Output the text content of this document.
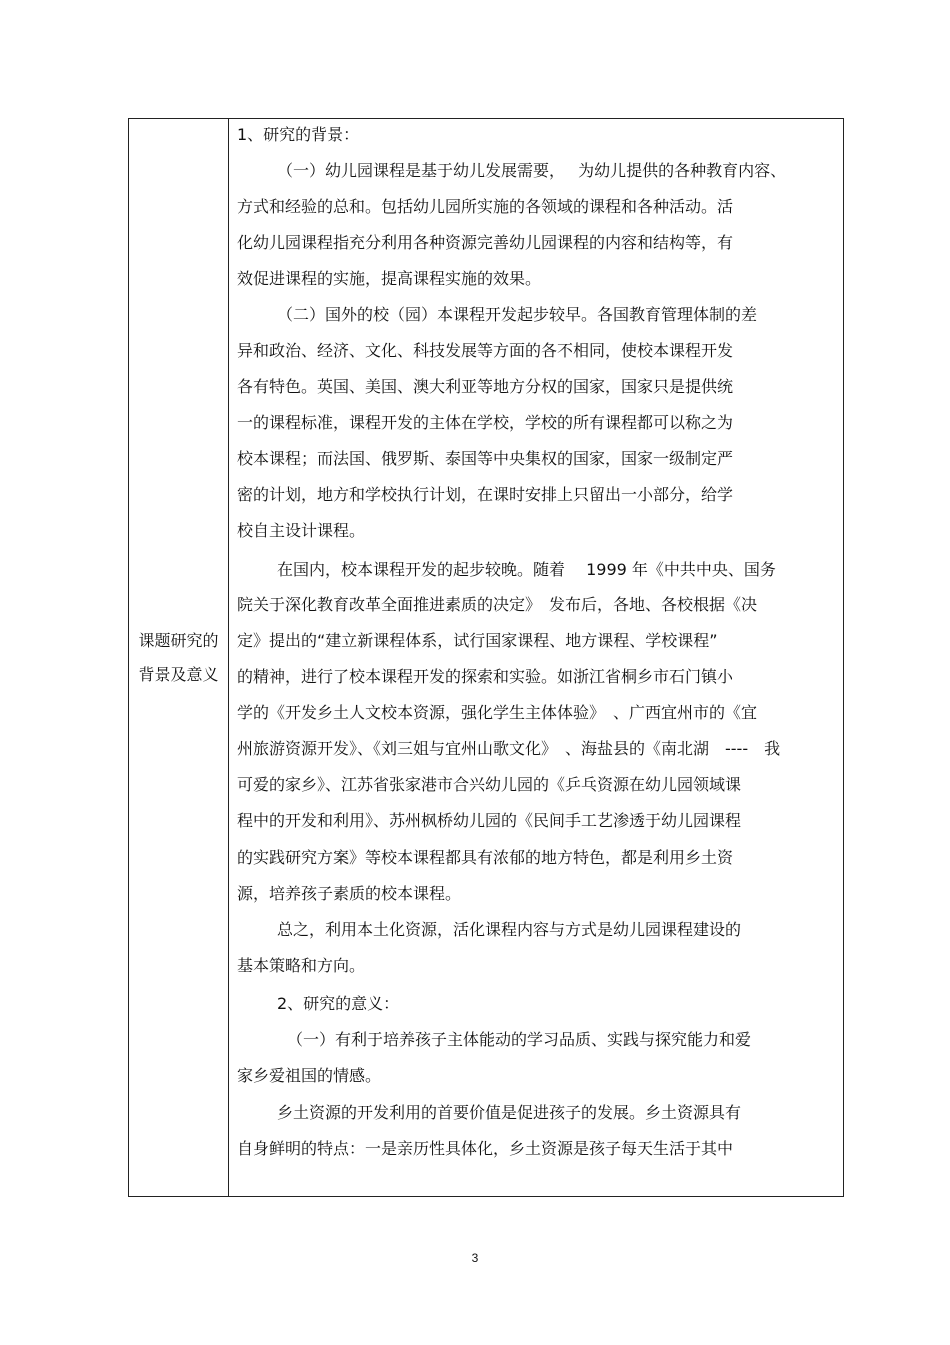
课题研究的背景及意义
1、研究的背景：
（一）幼儿园课程是基于幼儿发展需要，　 为幼儿提供的各种教育内容、
方式和经验的总和。包括幼儿园所实施的各领域的课程和各种活动。活
化幼儿园课程指充分利用各种资源完善幼儿园课程的内容和结构等，有
效促进课程的实施，提高课程实施的效果。
（二）国外的校（园）本课程开发起步较早。各国教育管理体制的差
异和政治、经济、文化、科技发展等方面的各不相同，使校本课程开发
各有特色。英国、美国、澳大利亚等地方分权的国家，国家只是提供统
一的课程标准，课程开发的主体在学校，学校的所有课程都可以称之为
校本课程；而法国、俄罗斯、泰国等中央集权的国家，国家一级制定严
密的计划，地方和学校执行计划，在课时安排上只留出一小部分，给学
校自主设计课程。
在国内，校本课程开发的起步较晚。随着　 1999 年《中共中央、国务
院关于深化教育改革全面推进素质的决定》　发布后，各地、各校根据《决
定》提出的“建立新课程体系，试行国家课程、地方课程、学校课程”
的精神，进行了校本课程开发的探索和实验。如浙江省桐乡市石门镇小
学的《开发乡土人文校本资源，强化学生主体体验》　、广西宜州市的《宜
州旅游资源开发》、《刘三姐与宜州山歌文化》　、海盐县的《南北湖　----　我
可爱的家乡》、江苏省张家港市合兴幼儿园的《乒乓资源在幼儿园领域课
程中的开发和利用》、苏州枫桥幼儿园的《民间手工艺渗透于幼儿园课程
的实践研究方案》等校本课程都具有浓郁的地方特色，都是利用乡土资
源，培养孩子素质的校本课程。
总之，利用本土化资源，活化课程内容与方式是幼儿园课程建设的
基本策略和方向。
2、研究的意义：
（一）有利于培养孩子主体能动的学习品质、实践与探究能力和爱
家乡爱祖国的情感。
乡土资源的开发利用的首要价值是促进孩子的发展。乡土资源具有
自身鲜明的特点：一是亲历性具体化，乡土资源是孩子每天生活于其中
3
